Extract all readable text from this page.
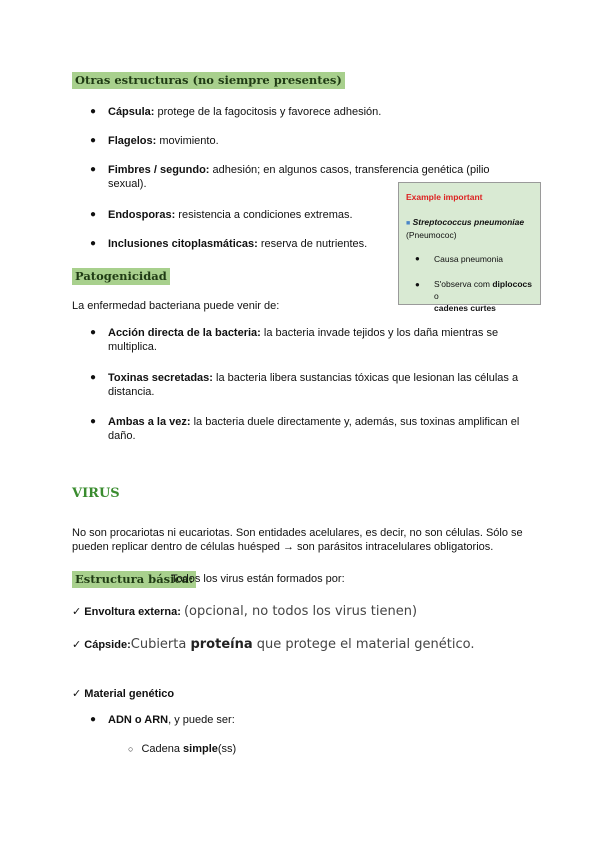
Otras estructuras (no siempre presentes)
●	Cápsula: protege de la fagocitosis y favorece adhesión.
●	Flagelos: movimiento.
●	Fimbres / segundo: adhesión; en algunos casos, transferencia genética (pilio sexual).
●	Endosporas: resistencia a condiciones extremas.
●	Inclusiones citoplasmáticas: reserva de nutrientes.
Example important
■ Streptococcus pneumoniae
(Pneumococ)
● Causa pneumonia
● S'observa com diplococs o
cadenes curtes
Patogenicidad
La enfermedad bacteriana puede venir de:
●	Acción directa de la bacteria: la bacteria invade tejidos y los daña mientras se multiplica.
●	Toxinas secretadas: la bacteria libera sustancias tóxicas que lesionan las células a distancia.
●	Ambas a la vez: la bacteria duele directamente y, además, sus toxinas amplifican el daño.
VIRUS
No son procariotas ni eucariotas. Son entidades acelulares, es decir, no son células. Sólo se pueden replicar dentro de células huésped → son parásitos intracelulares obligatorios.
Estructura básica:
Todos los virus están formados por:
✓ Envoltura externa: (opcional, no todos los virus tienen)
✓ Cápside:Cubierta proteína que protege el material genético.
✓ Material genético
●	ADN o ARN, y puede ser:
○ Cadena simple(ss)
